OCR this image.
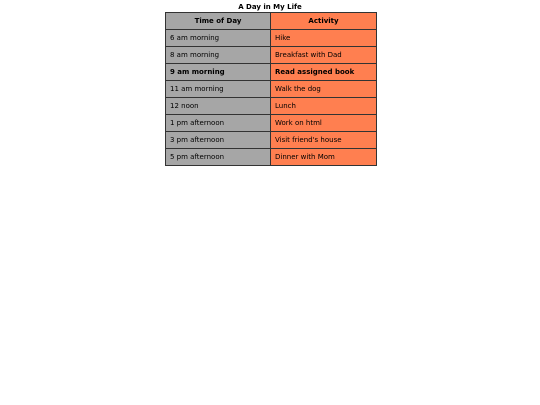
A Day in My Life
Time of Day	Activity
6 am morning	Hike
8 am morning	Breakfast with Dad
9 am morning	Read assigned book
11 am morning	Walk the dog
12 noon	Lunch
1 pm afternoon	Work on html
3 pm afternoon	Visit friend's house
5 pm afternoon	Dinner with Mom
